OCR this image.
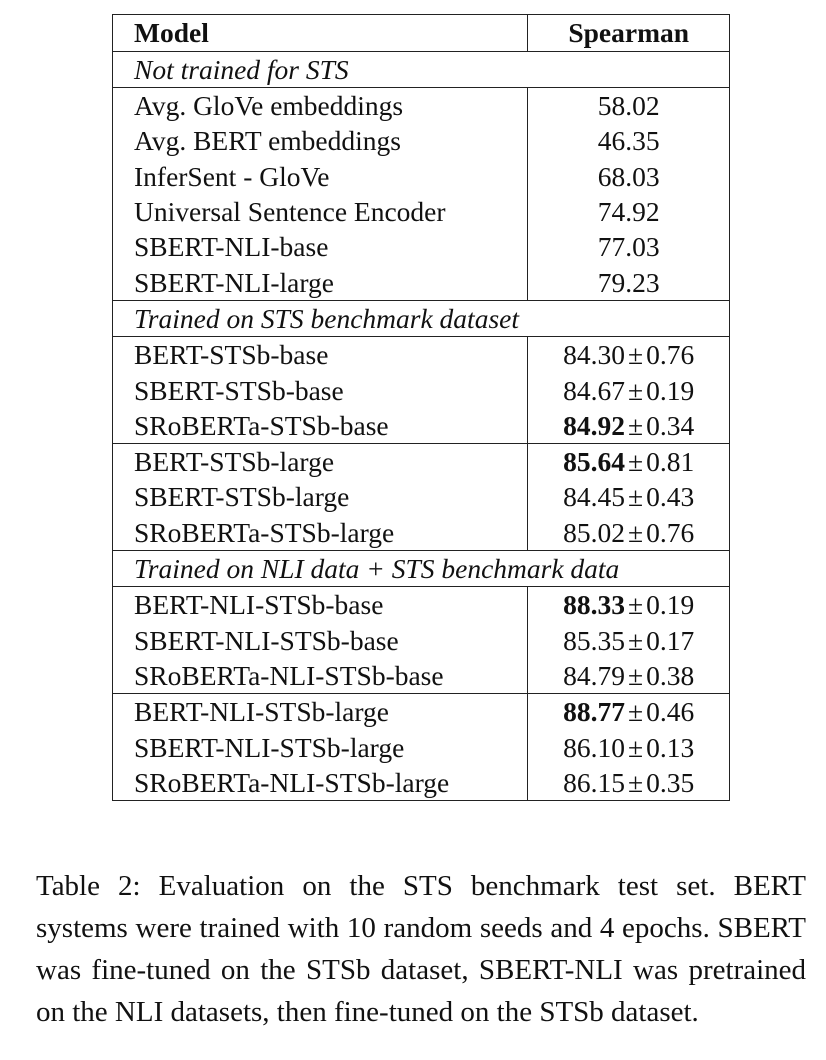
Model	Spearman
Not trained for STS	
Avg. GloVe embeddings	58.02
Avg. BERT embeddings	46.35
InferSent - GloVe	68.03
Universal Sentence Encoder	74.92
SBERT-NLI-base	77.03
SBERT-NLI-large	79.23
Trained on STS benchmark dataset	
BERT-STSb-base	84.30 ± 0.76
SBERT-STSb-base	84.67 ± 0.19
SRoBERTa-STSb-base	84.92 ± 0.34
BERT-STSb-large	85.64 ± 0.81
SBERT-STSb-large	84.45 ± 0.43
SRoBERTa-STSb-large	85.02 ± 0.76
Trained on NLI data + STS benchmark data	
BERT-NLI-STSb-base	88.33 ± 0.19
SBERT-NLI-STSb-base	85.35 ± 0.17
SRoBERTa-NLI-STSb-base	84.79 ± 0.38
BERT-NLI-STSb-large	88.77 ± 0.46
SBERT-NLI-STSb-large	86.10 ± 0.13
SRoBERTa-NLI-STSb-large	86.15 ± 0.35

Table 2: Evaluation on the STS benchmark test set. BERT systems were trained with 10 random seeds and 4 epochs. SBERT was fine-tuned on the STSb dataset, SBERT-NLI was pretrained on the NLI datasets, then fine-tuned on the STSb dataset.
